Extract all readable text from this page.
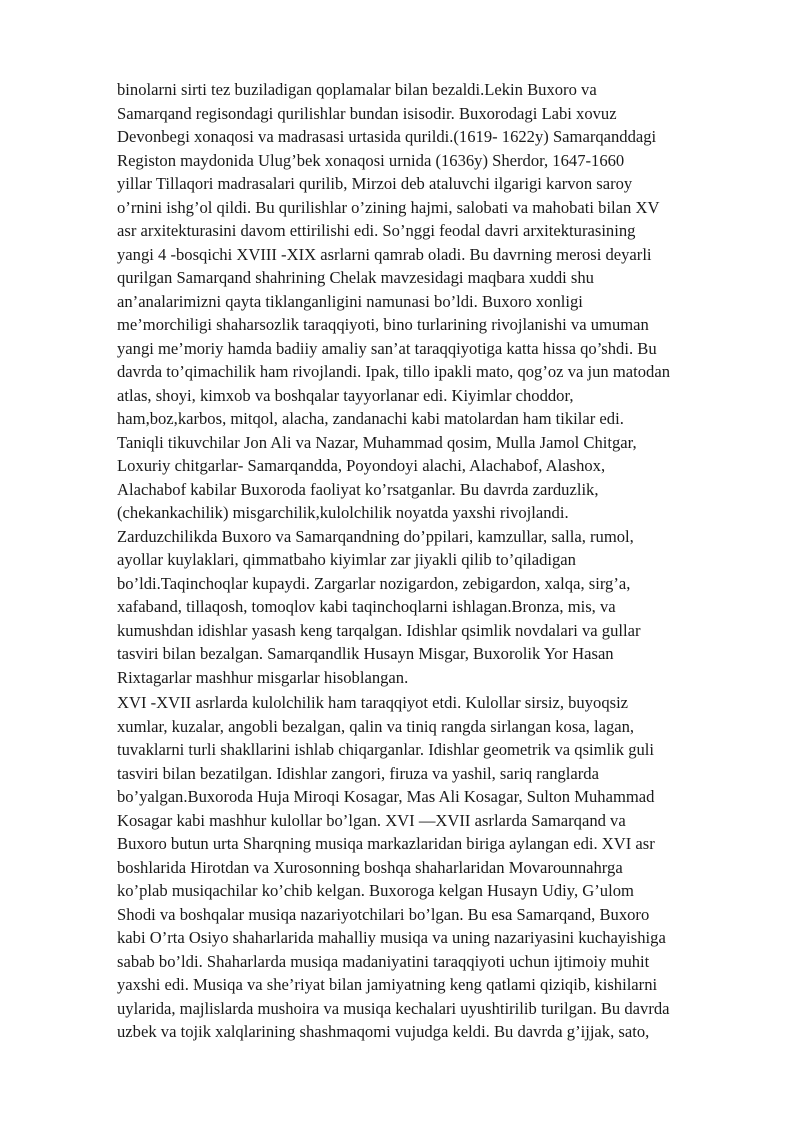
binolarni sirti tez buziladigan qoplamalar bilan bezaldi.Lekin Buxoro va
Samarqand regisondagi qurilishlar bundan isisodir. Buxorodagi Labi xovuz
Devonbegi xonaqosi va madrasasi urtasida qurildi.(1619- 1622y) Samarqanddagi
Registon maydonida Ulug’bek xonaqosi urnida (1636y) Sherdor, 1647-1660
yillar Tillaqori madrasalari qurilib, Mirzoi deb ataluvchi ilgarigi karvon saroy
o’rnini ishg’ol qildi. Bu qurilishlar o’zining hajmi, salobati va mahobati bilan XV
asr arxitekturasini davom ettirilishi edi. So’nggi feodal davri arxitekturasining
yangi 4 -bosqichi XVIII -XIX asrlarni qamrab oladi. Bu davrning merosi deyarli
qurilgan Samarqand shahrining Chelak mavzesidagi maqbara xuddi shu
an’analarimizni qayta tiklanganligini namunasi bo’ldi. Buxoro xonligi
me’morchiligi shaharsozlik taraqqiyoti, bino turlarining rivojlanishi va umuman
yangi me’moriy hamda badiiy amaliy san’at taraqqiyotiga katta hissa qo’shdi. Bu
davrda to’qimachilik ham rivojlandi. Ipak, tillo ipakli mato, qog’oz va jun matodan
atlas, shoyi, kimxob va boshqalar tayyorlanar edi. Kiyimlar choddor,
ham,boz,karbos, mitqol, alacha, zandanachi kabi matolardan ham tikilar edi.
Taniqli tikuvchilar Jon Ali va Nazar, Muhammad qosim, Mulla Jamol Chitgar,
Loxuriy chitgarlar- Samarqandda, Poyondoyi alachi, Alachabof, Alashox,
Alachabof kabilar Buxoroda faoliyat ko’rsatganlar. Bu davrda zarduzlik,
(chekankachilik) misgarchilik,kulolchilik noyatda yaxshi rivojlandi.
Zarduzchilikda Buxoro va Samarqandning do’ppilari, kamzullar, salla, rumol,
ayollar kuylaklari, qimmatbaho kiyimlar zar jiyakli qilib to’qiladigan
bo’ldi.Taqinchoqlar kupaydi. Zargarlar nozigardon, zebigardon, xalqa, sirg’a,
xafaband, tillaqosh, tomoqlov kabi taqinchoqlarni ishlagan.Bronza, mis, va
kumushdan idishlar yasash keng tarqalgan. Idishlar qsimlik novdalari va gullar
tasviri bilan bezalgan. Samarqandlik Husayn Misgar, Buxorolik Yor Hasan
Rixtagarlar mashhur misgarlar hisoblangan.
XVI -XVII asrlarda kulolchilik ham taraqqiyot etdi. Kulollar sirsiz, buyoqsiz
xumlar, kuzalar, angobli bezalgan, qalin va tiniq rangda sirlangan kosa, lagan,
tuvaklarni turli shakllarini ishlab chiqarganlar. Idishlar geometrik va qsimlik guli
tasviri bilan bezatilgan. Idishlar zangori, firuza va yashil, sariq ranglarda
bo’yalgan.Buxoroda Huja Miroqi Kosagar, Mas Ali Kosagar, Sulton Muhammad
Kosagar kabi mashhur kulollar bo’lgan. XVI —XVII asrlarda Samarqand va
Buxoro butun urta Sharqning musiqa markazlaridan biriga aylangan edi. XVI asr
boshlarida Hirotdan va Xurosonning boshqa shaharlaridan Movarounnahrga
ko’plab musiqachilar ko’chib kelgan. Buxoroga kelgan Husayn Udiy, G’ulom
Shodi va boshqalar musiqa nazariyotchilari bo’lgan. Bu esa Samarqand, Buxoro
kabi O’rta Osiyo shaharlarida mahalliy musiqa va uning nazariyasini kuchayishiga
sabab bo’ldi. Shaharlarda musiqa madaniyatini taraqqiyoti uchun ijtimoiy muhit
yaxshi edi. Musiqa va she’riyat bilan jamiyatning keng qatlami qiziqib, kishilarni
uylarida, majlislarda mushoira va musiqa kechalari uyushtirilib turilgan. Bu davrda
uzbek va tojik xalqlarining shashmaqomi vujudga keldi. Bu davrda g’ijjak, sato,
